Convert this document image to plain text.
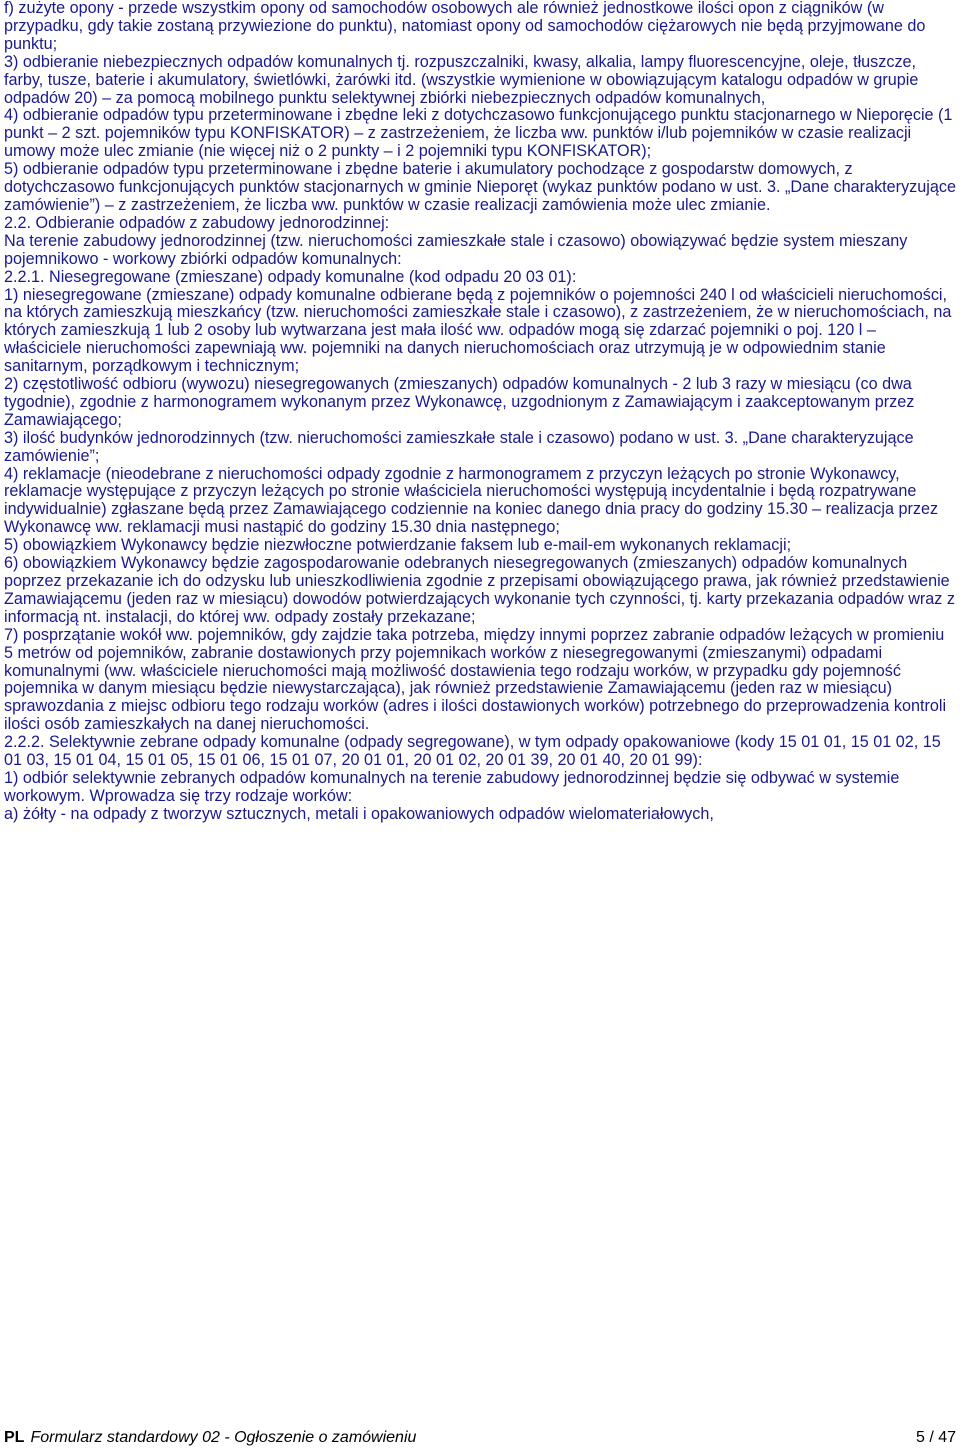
f) zużyte opony - przede wszystkim opony od samochodów osobowych ale również jednostkowe ilości opon z ciągników (w przypadku, gdy takie zostaną przywiezione do punktu), natomiast opony od samochodów ciężarowych nie będą przyjmowane do punktu;

3) odbieranie niebezpiecznych odpadów komunalnych tj. rozpuszczalniki, kwasy, alkalia, lampy fluorescencyjne, oleje, tłuszcze, farby, tusze, baterie i akumulatory, świetlówki, żarówki itd. (wszystkie wymienione w obowiązującym katalogu odpadów w grupie odpadów 20) – za pomocą mobilnego punktu selektywnej zbiórki niebezpiecznych odpadów komunalnych,

4) odbieranie odpadów typu przeterminowane i zbędne leki z dotychczasowo funkcjonującego punktu stacjonarnego w Nieporęcie (1 punkt – 2 szt. pojemników typu KONFISKATOR) – z zastrzeżeniem, że liczba ww. punktów i/lub pojemników w czasie realizacji umowy może ulec zmianie (nie więcej niż o 2 punkty – i 2 pojemniki typu KONFISKATOR);

5) odbieranie odpadów typu przeterminowane i zbędne baterie i akumulatory pochodzące z gospodarstw domowych, z dotychczasowo funkcjonujących punktów stacjonarnych w gminie Nieporęt (wykaz punktów podano w ust. 3. „Dane charakteryzujące zamówienie”) – z zastrzeżeniem, że liczba ww. punktów w czasie realizacji zamówienia może ulec zmianie.

2.2. Odbieranie odpadów z zabudowy jednorodzinnej:

Na terenie zabudowy jednorodzinnej (tzw. nieruchomości zamieszkałe stale i czasowo) obowiązywać będzie system mieszany pojemnikowo - workowy zbiórki odpadów komunalnych:

2.2.1. Niesegregowane (zmieszane) odpady komunalne (kod odpadu 20 03 01):

1) niesegregowane (zmieszane) odpady komunalne odbierane będą z pojemników o pojemności 240 l od właścicieli nieruchomości, na których zamieszkują mieszkańcy (tzw. nieruchomości zamieszkałe stale i czasowo), z zastrzeżeniem, że w nieruchomościach, na których zamieszkują 1 lub 2 osoby lub wytwarzana jest mała ilość ww. odpadów mogą się zdarzać pojemniki o poj. 120 l – właściciele nieruchomości zapewniają ww. pojemniki na danych nieruchomościach oraz utrzymują je w odpowiednim stanie sanitarnym, porządkowym i technicznym;

2) częstotliwość odbioru (wywozu) niesegregowanych (zmieszanych) odpadów komunalnych - 2 lub 3 razy w miesiącu (co dwa tygodnie), zgodnie z harmonogramem wykonanym przez Wykonawcę, uzgodnionym z Zamawiającym i zaakceptowanym przez Zamawiającego;

3) ilość budynków jednorodzinnych (tzw. nieruchomości zamieszkałe stale i czasowo) podano w ust. 3. „Dane charakteryzujące zamówienie”;

4) reklamacje (nieodebrane z nieruchomości odpady zgodnie z harmonogramem z przyczyn leżących po stronie Wykonawcy, reklamacje występujące z przyczyn leżących po stronie właściciela nieruchomości występują incydentalnie i będą rozpatrywane indywidualnie) zgłaszane będą przez Zamawiającego codziennie na koniec danego dnia pracy do godziny 15.30 – realizacja przez Wykonawcę ww. reklamacji musi nastąpić do godziny 15.30 dnia następnego;

5) obowiązkiem Wykonawcy będzie niezwłoczne potwierdzanie faksem lub e-mail-em wykonanych reklamacji;

6) obowiązkiem Wykonawcy będzie zagospodarowanie odebranych niesegregowanych (zmieszanych) odpadów komunalnych poprzez przekazanie ich do odzysku lub unieszkodliwienia zgodnie z przepisami obowiązującego prawa, jak również przedstawienie Zamawiającemu (jeden raz w miesiącu) dowodów potwierdzających wykonanie tych czynności, tj. karty przekazania odpadów wraz z informacją nt. instalacji, do której ww. odpady zostały przekazane;

7) posprzątanie wokół ww. pojemników, gdy zajdzie taka potrzeba, między innymi poprzez zabranie odpadów leżących w promieniu 5 metrów od pojemników, zabranie dostawionych przy pojemnikach worków z niesegregowanymi (zmieszanymi) odpadami komunalnymi (ww. właściciele nieruchomości mają możliwość dostawienia tego rodzaju worków, w przypadku gdy pojemność pojemnika w danym miesiącu będzie niewystarczająca), jak również przedstawienie Zamawiającemu (jeden raz w miesiącu) sprawozdania z miejsc odbioru tego rodzaju worków (adres i ilości dostawionych worków) potrzebnego do przeprowadzenia kontroli ilości osób zamieszkałych na danej nieruchomości.

2.2.2. Selektywnie zebrane odpady komunalne (odpady segregowane), w tym odpady opakowaniowe (kody 15 01 01, 15 01 02, 15 01 03, 15 01 04, 15 01 05, 15 01 06, 15 01 07, 20 01 01, 20 01 02, 20 01 39, 20 01 40, 20 01 99):

1) odbiór selektywnie zebranych odpadów komunalnych na terenie zabudowy jednorodzinnej będzie się odbywać w systemie workowym. Wprowadza się trzy rodzaje worków:

a) żółty - na odpady z tworzyw sztucznych, metali i opakowaniowych odpadów wielomateriałowych,

PL Formularz standardowy 02 - Ogłoszenie o zamówieniu	5 / 47
